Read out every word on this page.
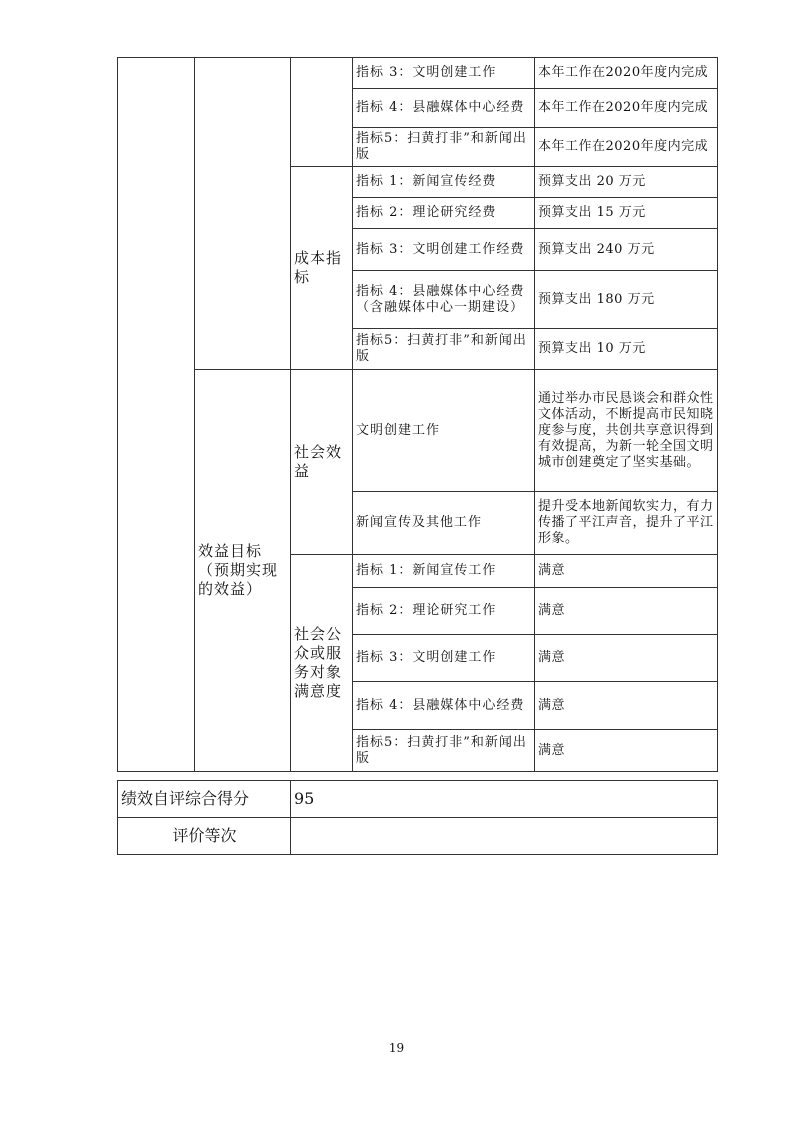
			指标 3：文明创建工作	本年工作在2020年度内完成
			指标 4：县融媒体中心经费	本年工作在2020年度内完成
			指标5：扫黄打非”和新闻出版	本年工作在2020年度内完成
		成本指标	指标 1：新闻宣传经费	预算支出 20 万元
			指标 2：理论研究经费	预算支出 15 万元
			指标 3：文明创建工作经费	预算支出 240 万元
			指标 4：县融媒体中心经费（含融媒体中心一期建设）	预算支出 180 万元
			指标5：扫黄打非”和新闻出版	预算支出 10 万元
	效益目标（预期实现的效益）	社会效益	文明创建工作	通过举办市民恳谈会和群众性文体活动，不断提高市民知晓度参与度，共创共享意识得到有效提高，为新一轮全国文明城市创建奠定了坚实基础。
			新闻宣传及其他工作	提升受本地新闻软实力，有力传播了平江声音，提升了平江形象。
		社会公众或服务对象满意度	指标 1：新闻宣传工作	满意
			指标 2：理论研究工作	满意
			指标 3：文明创建工作	满意
			指标 4：县融媒体中心经费	满意
			指标5：扫黄打非”和新闻出版	满意
绩效自评综合得分	95
评价等次	
19
